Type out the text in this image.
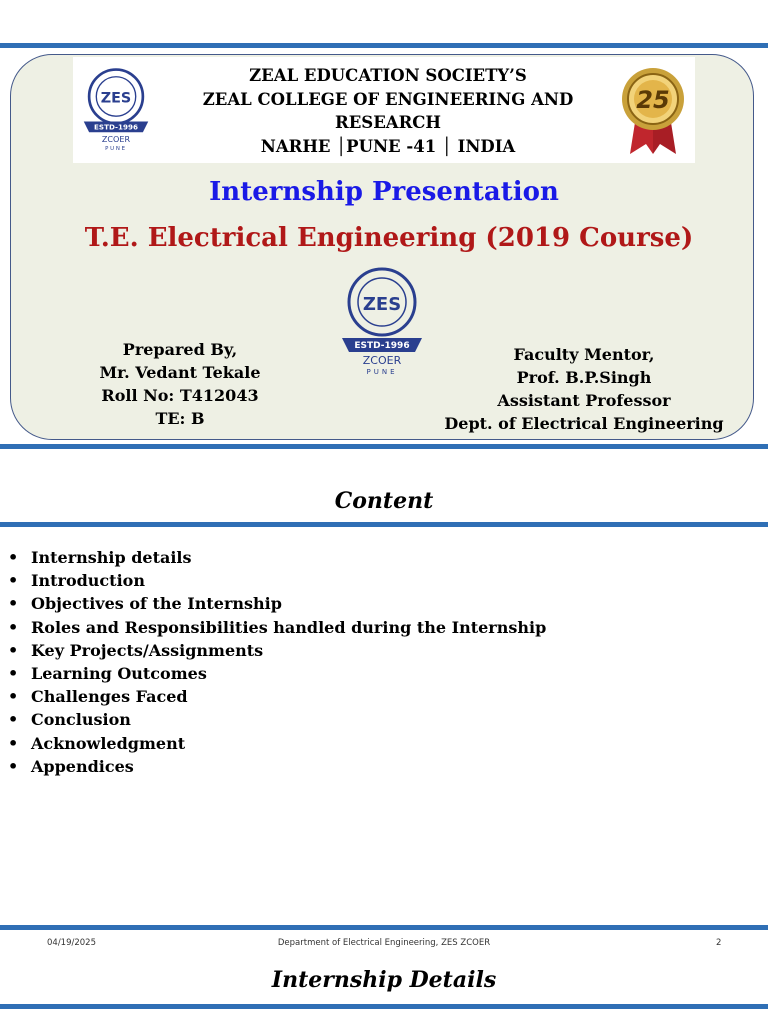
ZES
ESTD-1996
ZCOER
PUNE
ZEAL EDUCATION SOCIETY’S
ZEAL COLLEGE OF ENGINEERING AND
RESEARCH
NARHE │PUNE -41 │ INDIA
25
Internship Presentation
T.E. Electrical Engineering (2019 Course)
ZES
ESTD-1996
ZCOER
PUNE
Prepared By,
Mr. Vedant Tekale
Roll No: T412043
TE: B
Faculty Mentor,
Prof. B.P.Singh
Assistant Professor
Dept. of Electrical Engineering
Content
• Internship details
• Introduction
• Objectives of the Internship
• Roles and Responsibilities handled during the Internship
• Key Projects/Assignments
• Learning Outcomes
• Challenges Faced
• Conclusion
• Acknowledgment
• Appendices
04/19/2025	Department of Electrical Engineering, ZES ZCOER	2
Internship Details
